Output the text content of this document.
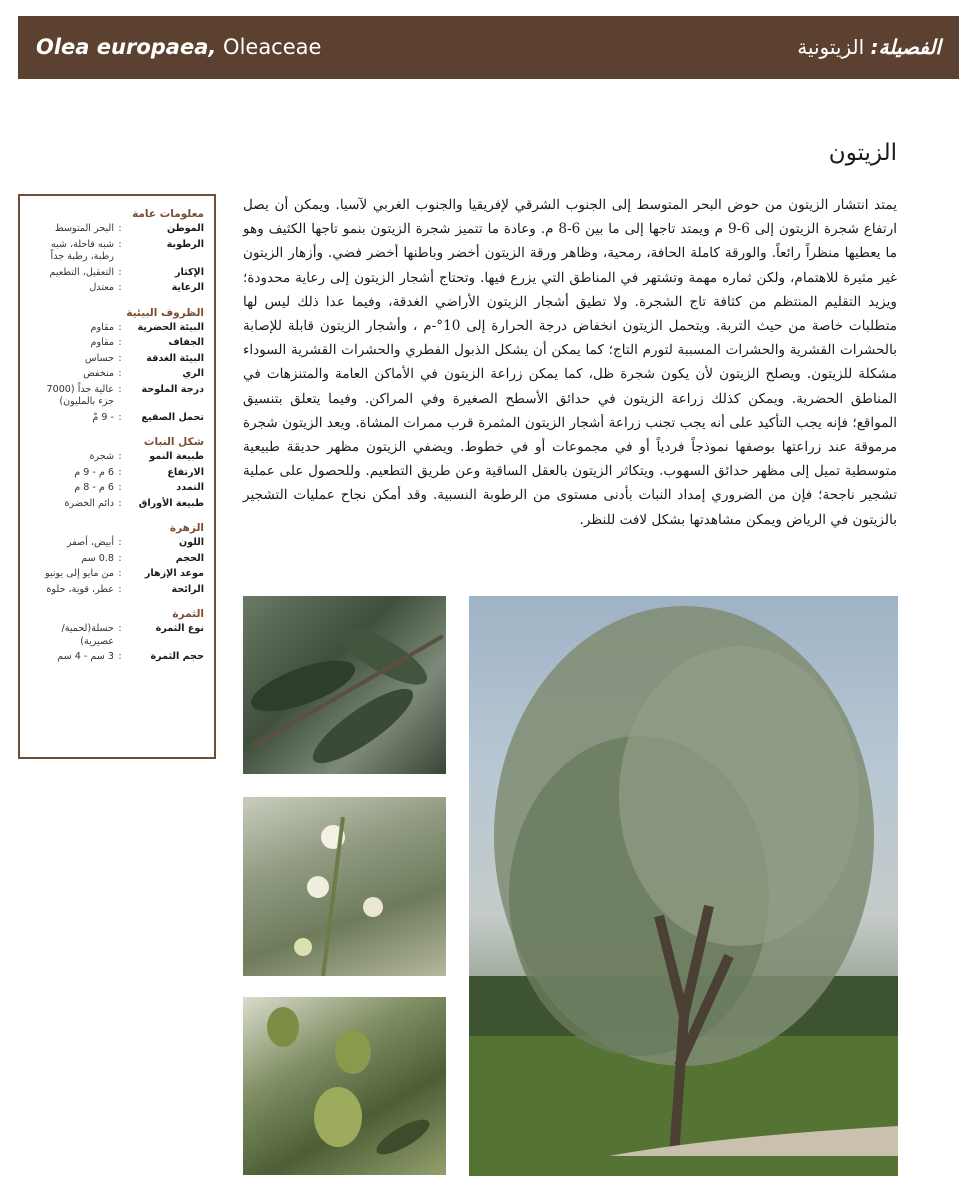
Olea europaea, Oleaceae	الفصيلة: الزيتونية
الزيتون
يمتد انتشار الزيتون من حوض البحر المتوسط إلى الجنوب الشرقي لإفريقيا والجنوب الغربي لآسيا. ويمكن أن يصل ارتفاع شجرة الزيتون إلى 6-9 م ويمتد تاجها إلى ما بين 6-8 م. وعادة ما تتميز شجرة الزيتون بنمو تاجها الكثيف وهو ما يعطيها منظراً رائعاً. والورقة كاملة الحافة، رمحية، وظاهر ورقة الزيتون أخضر وباطنها أخضر فضي. وأزهار الزيتون غير مثيرة للاهتمام، ولكن ثماره مهمة وتشتهر في المناطق التي يزرع فيها. وتحتاج أشجار الزيتون إلى رعاية محدودة؛ ويزيد التقليم المنتظم من كثافة تاج الشجرة. ولا تطيق أشجار الزيتون الأراضي الغدقة، وفيما عدا ذلك ليس لها متطلبات خاصة من حيث التربة. ويتحمل الزيتون انخفاض درجة الحرارة إلى 10°-م ، وأشجار الزيتون قابلة للإصابة بالحشرات القشرية والحشرات المسببة لتورم التاج؛ كما يمكن أن يشكل الذبول الفطري والحشرات القشرية السوداء مشكلة للزيتون. ويصلح الزيتون لأن يكون شجرة ظل، كما يمكن زراعة الزيتون في الأماكن العامة والمتنزهات في المناطق الحضرية. ويمكن كذلك زراعة الزيتون في حدائق الأسطح الصغيرة وفي المراكن. وفيما يتعلق بتنسيق المواقع؛ فإنه يجب التأكيد على أنه يجب تجنب زراعة أشجار الزيتون المثمرة قرب ممرات المشاة. ويعد الزيتون شجرة مرموقة عند زراعتها بوصفها نموذجاً فردياً أو في مجموعات أو في خطوط. ويضفي الزيتون مظهر حديقة طبيعية متوسطية تميل إلى مظهر حدائق السهوب. ويتكاثر الزيتون بالعقل الساقية وعن طريق التطعيم. وللحصول على عملية تشجير ناجحة؛ فإن من الضروري إمداد النبات بأدنى مستوى من الرطوبة النسبية. وقد أمكن نجاح عمليات التشجير بالزيتون في الرياض ويمكن مشاهدتها بشكل لافت للنظر.
معلومات عامة
الموطن
:
البحر المتوسط
الرطوبة
:
شبه قاحلة، شبه رطبة، رطبة جداً
الإكثار
:
التعقيل، التطعيم
الرعاية
:
معتدل
الظروف البيئية
البيئة الحضرية
:
مقاوم
الجفاف
:
مقاوم
البيئة الغدقة
:
حساس
الري
:
منخفض
درجة الملوحة
:
عالية جداً (7000 جزء بالمليون)
تحمل الصقيع
:
- 9 مْ
شكل النبات
طبيعة النمو
:
شجرة
الارتفاع
:
6 م - 9 م
التمدد
:
6 م - 8 م
طبيعة الأوراق
:
دائم الخضرة
الزهرة
اللون
:
أبيض، أصفر
الحجم
:
0.8 سم
موعد الإزهار
:
من مايو إلى يونيو
الرائحة
:
عطر، قوية، حلوة
الثمرة
نوع الثمرة
:
حسلة(لحمية/عصيرية)
حجم الثمرة
:
3 سم - 4 سم
